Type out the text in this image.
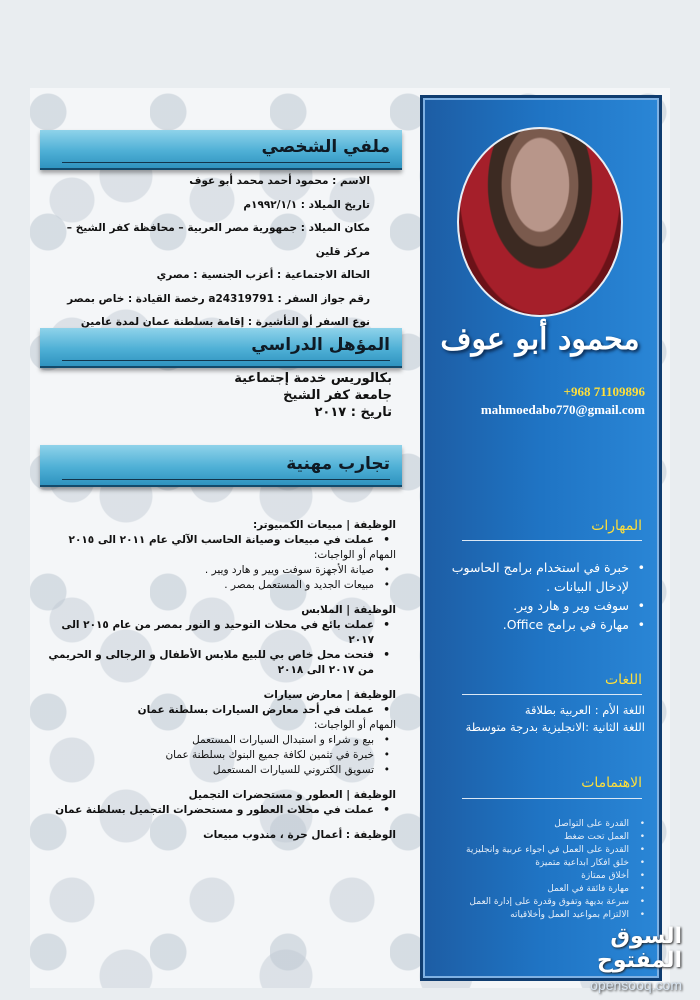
محمود أبو عوف
+968 71109896
mahmoedabo770@gmail.com
المهارات
• خبرة في استخدام برامج الحاسوب لإدخال البيانات .
• سوفت وير و هارد وير.
• مهارة في برامج Office.
اللغات
اللغة الأم : العربية بطلاقة
اللغة الثانية :الانجليزية بدرجة متوسطة
الاهتمامات
• القدرة على التواصل
• العمل تحت ضغط
• القدرة على العمل في اجواء عربية وانجليزية
• خلق افكار ابداعية متميزة
• أخلاق ممتازة
• مهارة فائقة في العمل
• سرعة بديهة وتفوق وقدرة على إدارة العمل
• الالتزام بمواعيد العمل وأخلاقياته
السوق المفتوح
opensooq.com
ملفي الشخصي
الاسم : محمود أحمد محمد أبو عوف
تاريخ الميلاد : ١٩٩٢/١/١م
مكان الميلاد : جمهورية مصر العربية – محافظة كفر الشيخ – مركز قلين
الحالة الاجتماعية : أعزب الجنسية : مصري
رقم جواز السفر : a24319791 رخصة القيادة : خاص بمصر
نوع السفر أو التأشيرة : إقامة بسلطنة عمان لمدة عامين
المؤهل الدراسي
بكالوريس خدمة إجتماعية
جامعة كفر الشيخ
تاريخ : ٢٠١٧
تجارب مهنية
الوظيفة | مبيعات الكمبيوتر:
• عملت في مبيعات وصيانة الحاسب الآلي عام ٢٠١١ الى ٢٠١٥
المهام أو الواجبات:
• صيانة الأجهزة سوفت ويير و هارد ويير .
• مبيعات الجديد و المستعمل بمصر .
الوظيفة | الملابس
• عملت بائع في محلات التوحيد و النور بمصر من عام ٢٠١٥ الى ٢٠١٧
• فتحت محل خاص بي للبيع ملابس الأطفال و الرجالى و الحريمي من ٢٠١٧ الى ٢٠١٨
الوظيفة | معارض سيارات
• عملت في أحد معارض السيارات بسلطنة عمان
المهام أو الواجبات:
• بيع و شراء و استبدال السيارات المستعمل
• خبرة في تثمين لكافة جميع البنوك بسلطنة عمان
• تسويق الكتروني للسيارات المستعمل
الوظيفة | العطور و مستحضرات التجميل
• عملت في محلات العطور و مستحضرات التجميل بسلطنة عمان
الوظيفة : أعمال حرة ، مندوب مبيعات
